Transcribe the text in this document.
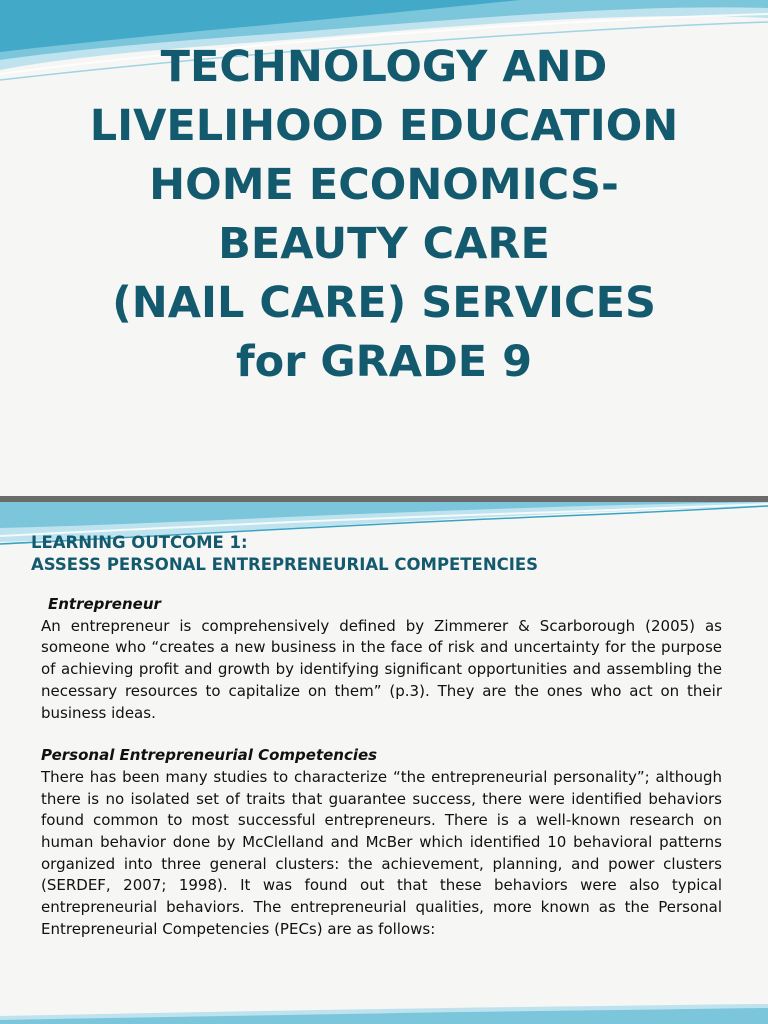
TECHNOLOGY AND
LIVELIHOOD EDUCATION
HOME ECONOMICS-
BEAUTY CARE
(NAIL CARE) SERVICES
for GRADE 9
LEARNING OUTCOME 1:
ASSESS PERSONAL ENTREPRENEURIAL COMPETENCIES
Entrepreneur

An entrepreneur is comprehensively defined by Zimmerer & Scarborough (2005) as someone who “creates a new business in the face of risk and uncertainty for the purpose of achieving profit and growth by identifying significant opportunities and assembling the necessary resources to capitalize on them” (p.3). They are the ones who act on their business ideas.

Personal Entrepreneurial Competencies

There has been many studies to characterize “the entrepreneurial personality”; although there is no isolated set of traits that guarantee success, there were identified behaviors found common to most successful entrepreneurs. There is a well-known research on human behavior done by McClelland and McBer which identified 10 behavioral patterns organized into three general clusters: the achievement, planning, and power clusters (SERDEF, 2007; 1998). It was found out that these behaviors were also typical entrepreneurial behaviors. The entrepreneurial qualities, more known as the Personal Entrepreneurial Competencies (PECs) are as follows:
